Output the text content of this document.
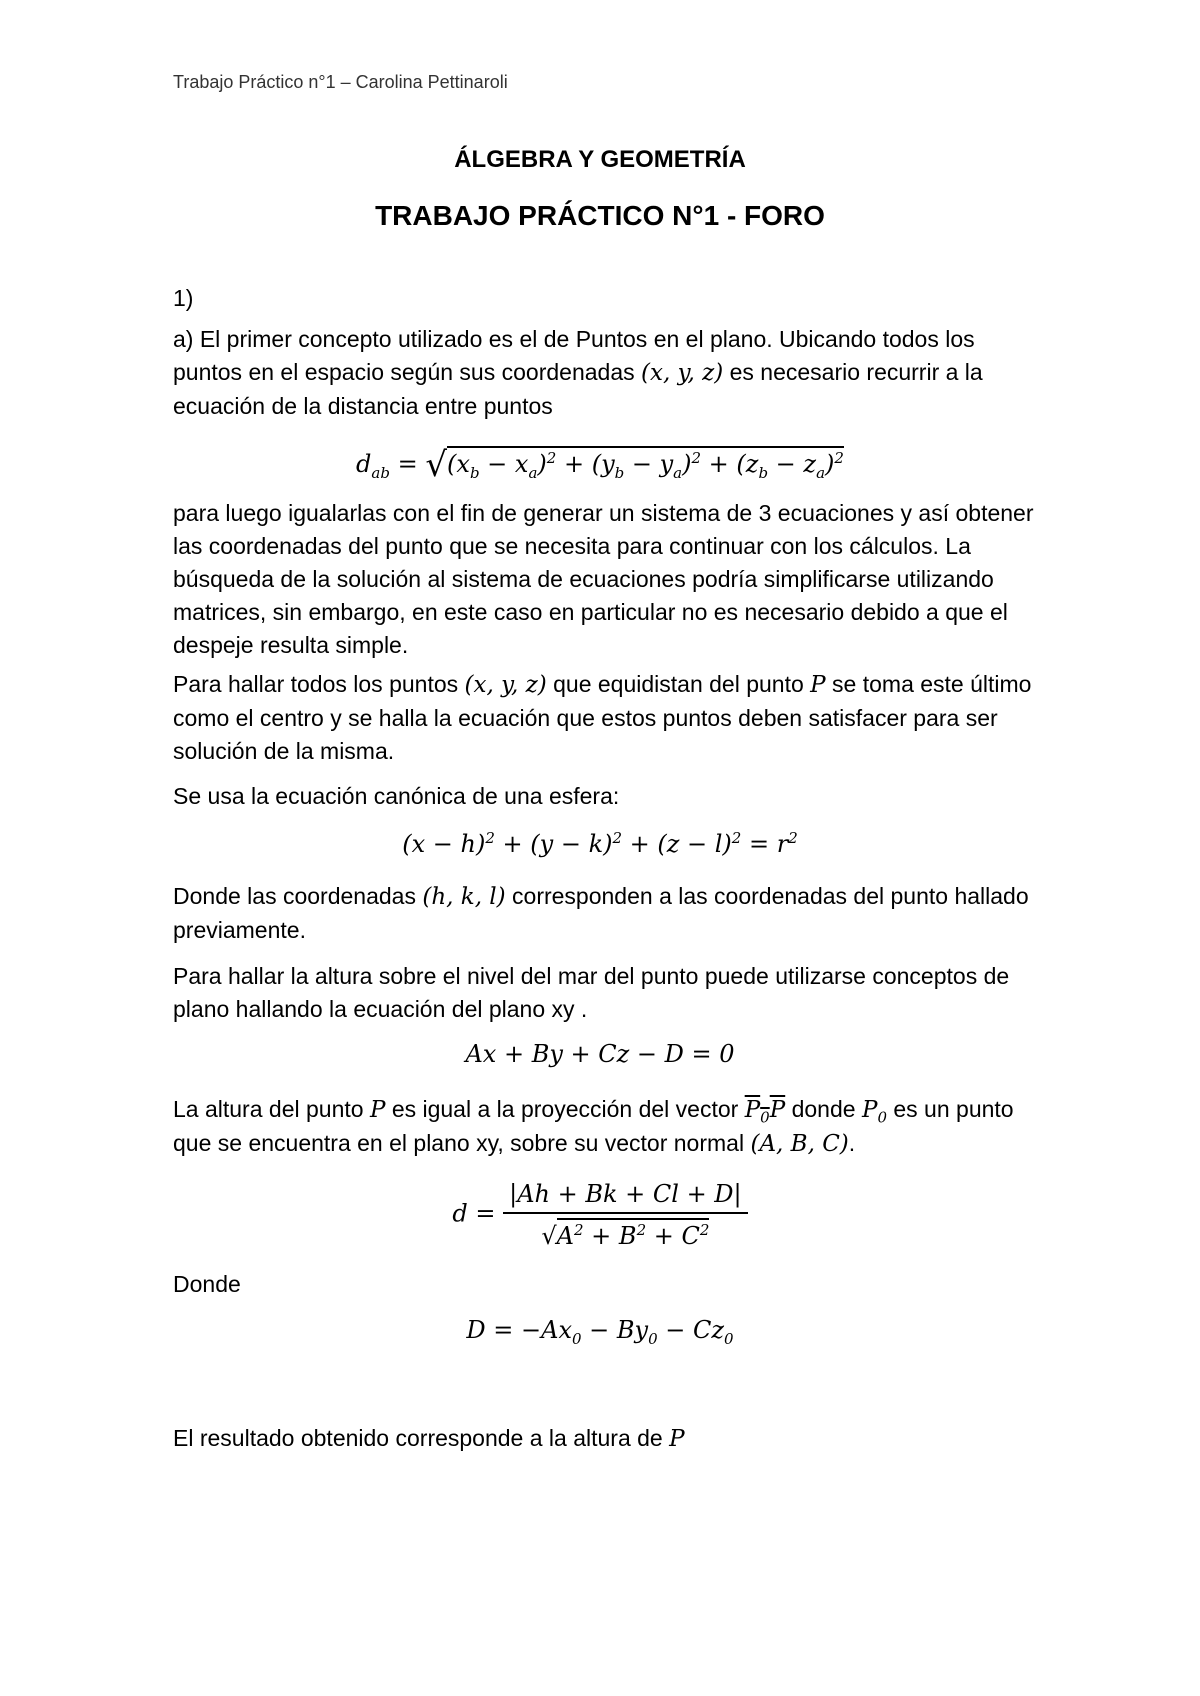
Trabajo Práctico n°1 – Carolina Pettinaroli
ÁLGEBRA Y GEOMETRÍA
TRABAJO PRÁCTICO N°1 - FORO

1)

a) El primer concepto utilizado es el de Puntos en el plano. Ubicando todos los puntos en el espacio según sus coordenadas (x, y, z) es necesario recurrir a la ecuación de la distancia entre puntos

$d_{ab} = √(x_b - x_a)^2 + (y_b - y_a)^2 + (z_b - z_a)^2$

para luego igualarlas con el fin de generar un sistema de 3 ecuaciones y así obtener las coordenadas del punto que se necesita para continuar con los cálculos. La búsqueda de la solución al sistema de ecuaciones podría simplificarse utilizando matrices, sin embargo, en este caso en particular no es necesario debido a que el despeje resulta simple.

Para hallar todos los puntos (x, y, z) que equidistan del punto P se toma este último como el centro y se halla la ecuación que estos puntos deben satisfacer para ser solución de la misma.

Se usa la ecuación canónica de una esfera:

$(x - h)^2 + (y - k)^2 + (z - l)^2 = r^2$

Donde las coordenadas (h, k, l) corresponden a las coordenadas del punto hallado previamente.

Para hallar la altura sobre el nivel del mar del punto puede utilizarse conceptos de plano hallando la ecuación del plano xy .

Ax + By + Cz − D = 0

La altura del punto P es igual a la proyección del vector $P_0P$ donde $P_0$ es un punto que se encuentra en el plano xy, sobre su vector normal (A, B, C).

$d = \frac{|Ah + Bk + Cl + D|}{√A^2 + B^2 + C^2}$

Donde

$D = -Ax_0 - By_0 - Cz_0$

El resultado obtenido corresponde a la altura de P
